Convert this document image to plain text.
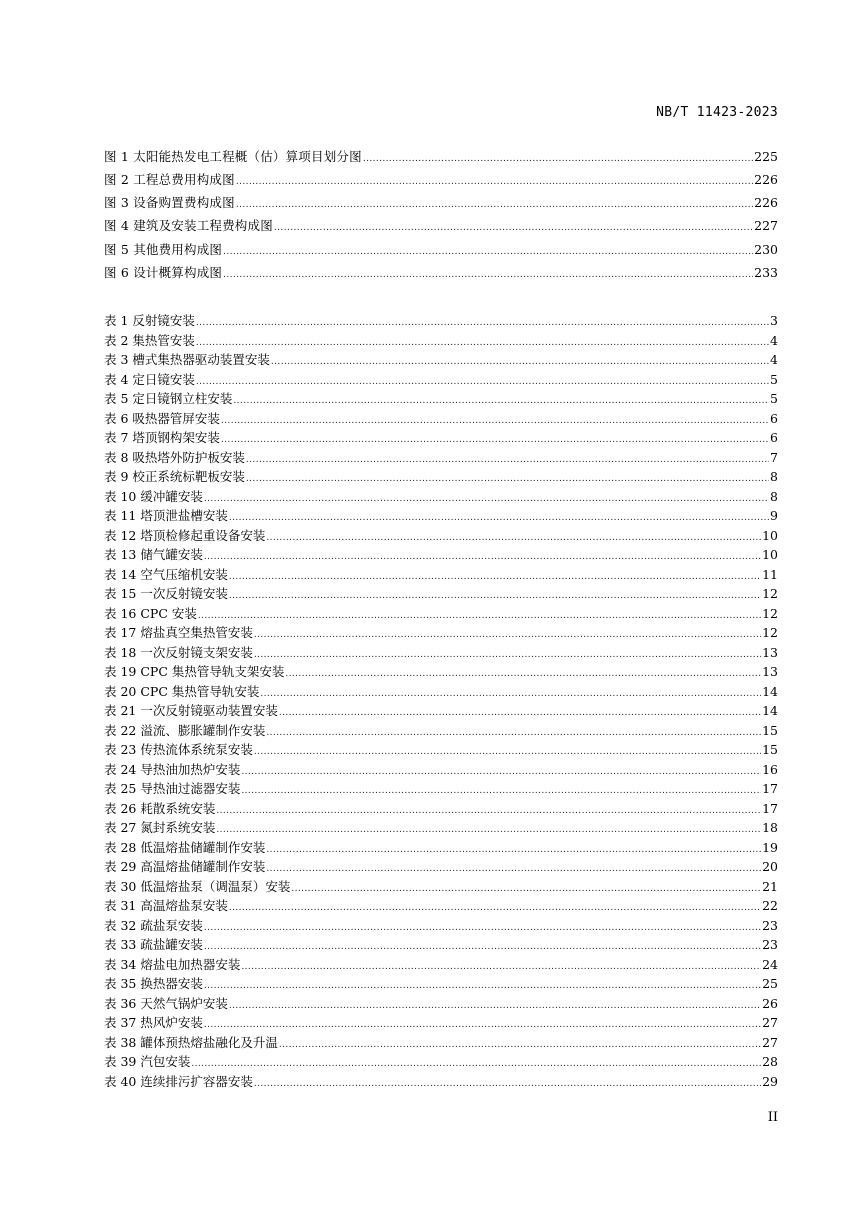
NB/T 11423-2023
图 1 太阳能热发电工程概（估）算项目划分图 .....	225
图 2 工程总费用构成图 .....	226
图 3 设备购置费构成图 .....	226
图 4 建筑及安装工程费构成图 .....	227
图 5 其他费用构成图 .....	230
图 6 设计概算构成图 .....	233
表 1 反射镜安装 .....	3
表 2 集热管安装 .....	4
表 3 槽式集热器驱动装置安装 .....	4
表 4 定日镜安装 .....	5
表 5 定日镜钢立柱安装 .....	5
表 6 吸热器管屏安装 .....	6
表 7 塔顶钢构架安装 .....	6
表 8 吸热塔外防护板安装 .....	7
表 9 校正系统标靶板安装 .....	8
表 10 缓冲罐安装 .....	8
表 11 塔顶泄盐槽安装 .....	9
表 12 塔顶检修起重设备安装 .....	10
表 13 储气罐安装 .....	10
表 14 空气压缩机安装 .....	11
表 15 一次反射镜安装 .....	12
表 16 CPC 安装 .....	12
表 17 熔盐真空集热管安装 .....	12
表 18 一次反射镜支架安装 .....	13
表 19 CPC 集热管导轨支架安装 .....	13
表 20 CPC 集热管导轨安装 .....	14
表 21 一次反射镜驱动装置安装 .....	14
表 22 溢流、膨胀罐制作安装 .....	15
表 23 传热流体系统泵安装 .....	15
表 24 导热油加热炉安装 .....	16
表 25 导热油过滤器安装 .....	17
表 26 耗散系统安装 .....	17
表 27 氮封系统安装 .....	18
表 28 低温熔盐储罐制作安装 .....	19
表 29 高温熔盐储罐制作安装 .....	20
表 30 低温熔盐泵（调温泵）安装 .....	21
表 31 高温熔盐泵安装 .....	22
表 32 疏盐泵安装 .....	23
表 33 疏盐罐安装 .....	23
表 34 熔盐电加热器安装 .....	24
表 35 换热器安装 .....	25
表 36 天然气锅炉安装 .....	26
表 37 热风炉安装 .....	27
表 38 罐体预热熔盐融化及升温 .....	27
表 39 汽包安装 .....	28
表 40 连续排污扩容器安装 .....	29
II
